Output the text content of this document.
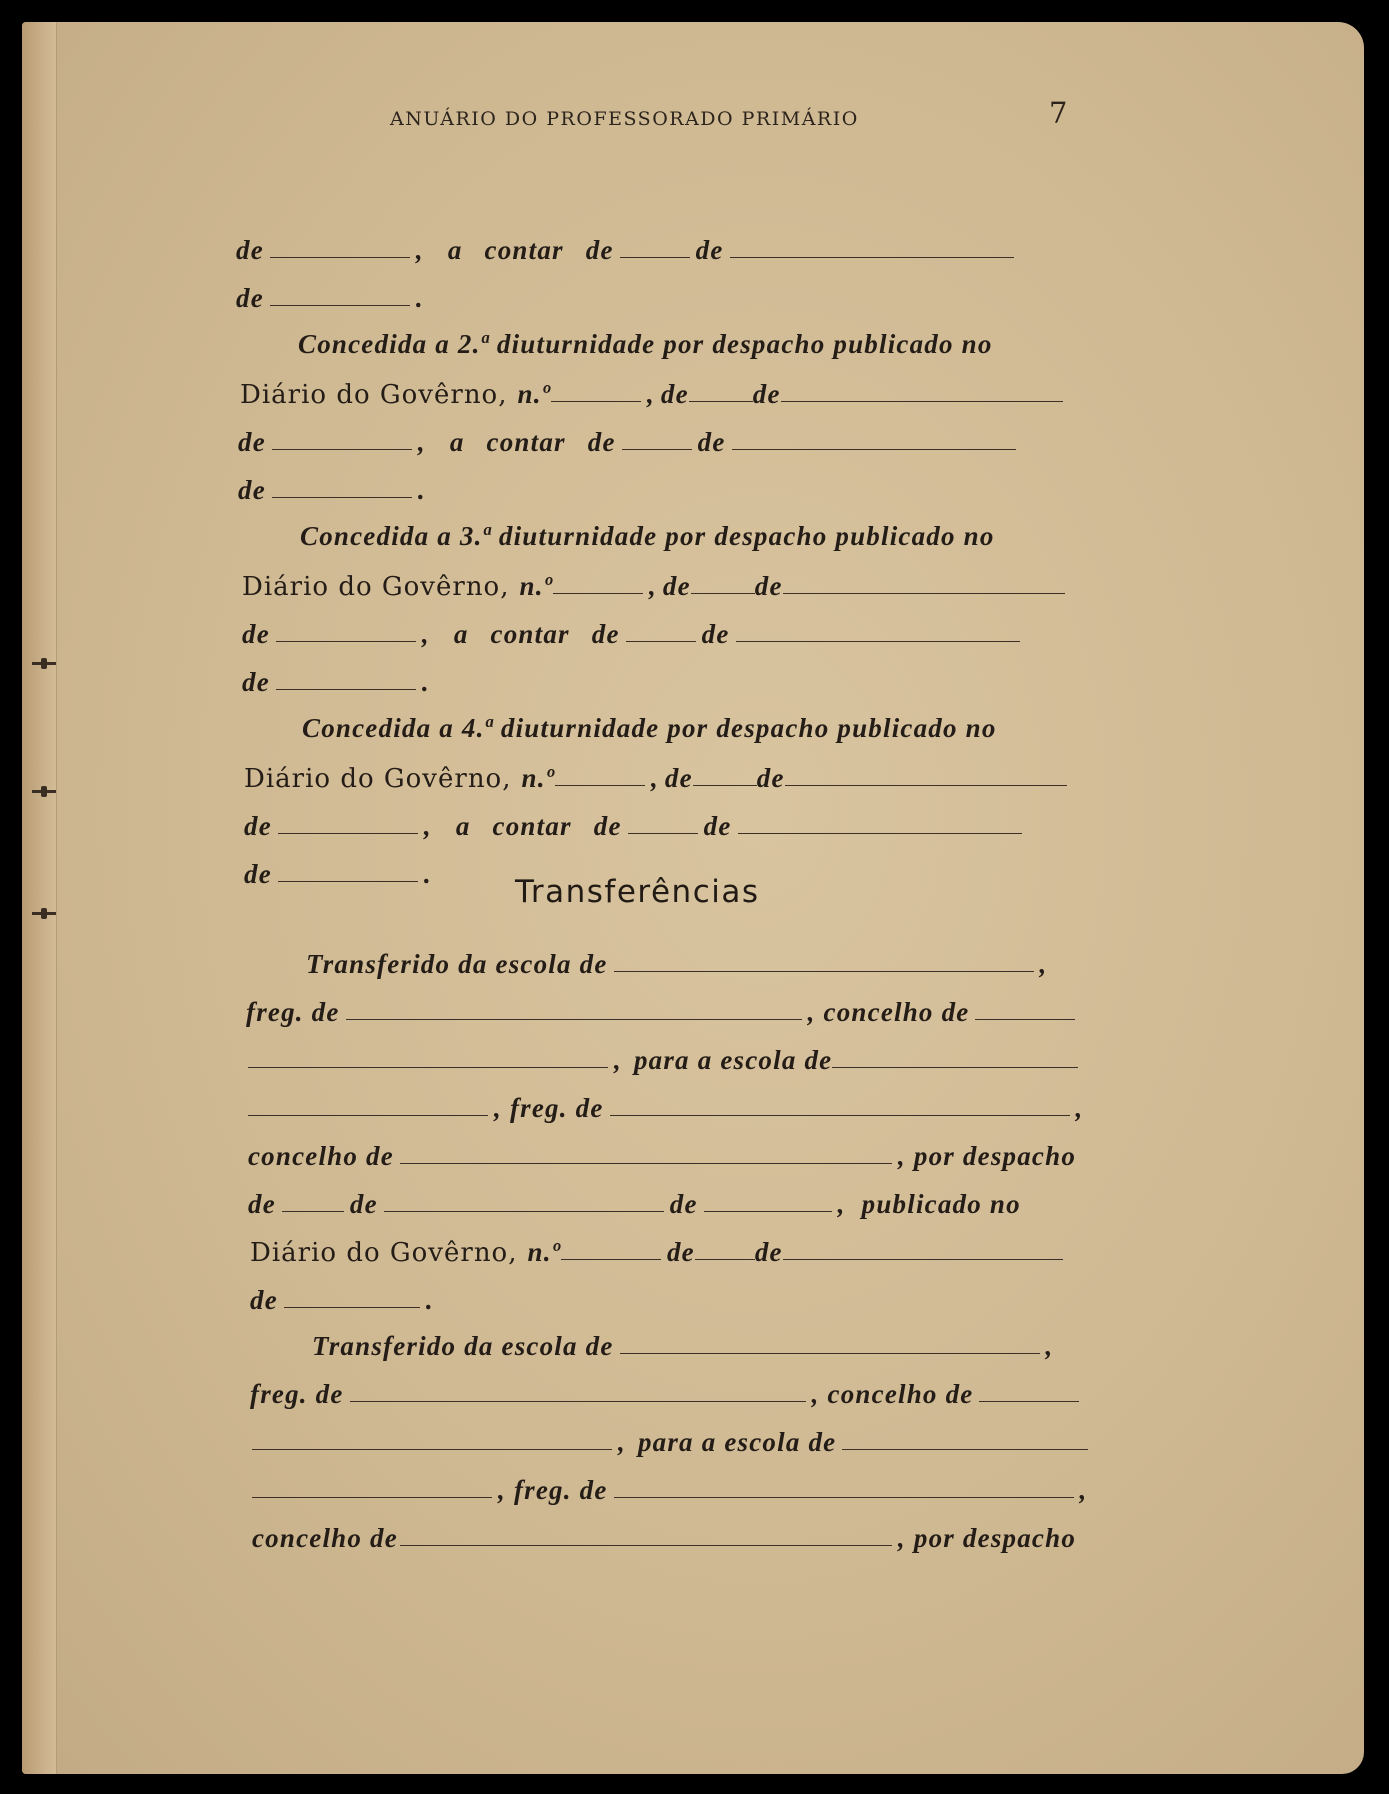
ANUÁRIO DO PROFESSORADO PRIMÁRIO	7
de	, a contar de	de
de	.
Concedida a 2.ª diuturnidade por despacho publicado no
Diário do Govêrno, n.º	, de de
de	, a contar de	de
de	.
Concedida a 3.ª diuturnidade por despacho publicado no
Diário do Govêrno, n.º	, de de
de	, a contar de	de
de	.
Concedida a 4.ª diuturnidade por despacho publicado no
Diário do Govêrno, n.º	, de de
de	, a contar de	de
de	.	Transferências
Transferido da escola de	,
freg. de	, concelho de
, para a escola de
, freg. de	,
concelho de	, por despacho
de	de	de	, publicado no
Diário do Govêrno, n.º	de de
de	.
Transferido da escola de	,
freg. de	, concelho de
, para a escola de
, freg. de	,
concelho de	, por despacho
